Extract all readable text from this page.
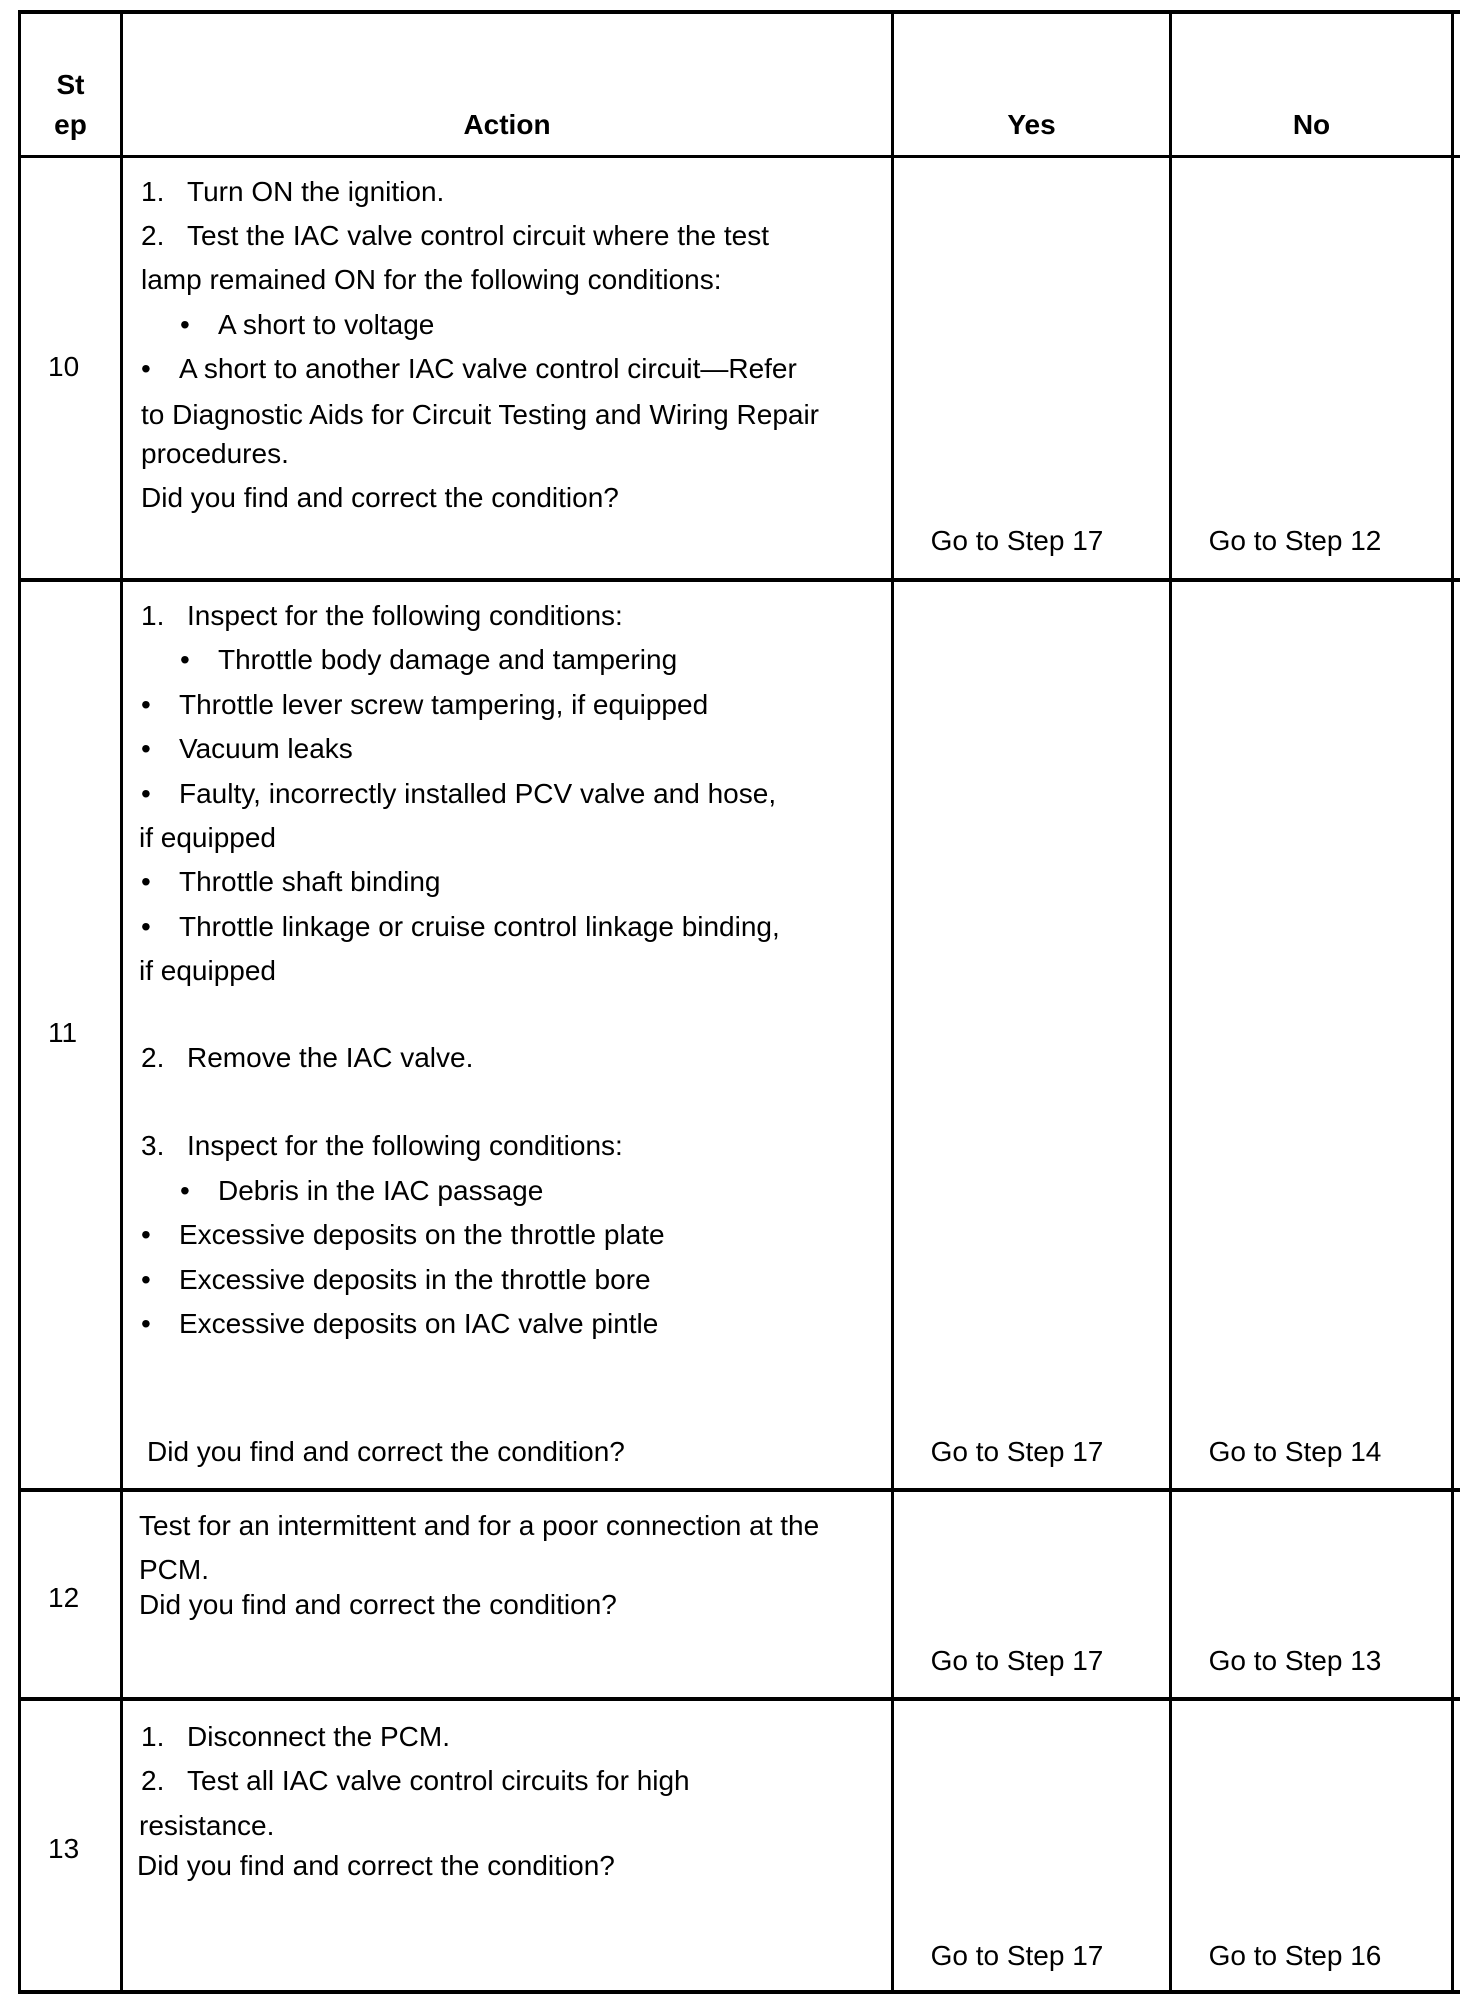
St
ep	Action	Yes	No
10
1. Turn ON the ignition.
2. Test the IAC valve control circuit where the test
lamp remained ON for the following conditions:
• A short to voltage
• A short to another IAC valve control circuit—Refer
to Diagnostic Aids for Circuit Testing and Wiring Repair
procedures.
Did you find and correct the condition?
Go to Step 17	Go to Step 12
11
1. Inspect for the following conditions:
• Throttle body damage and tampering
• Throttle lever screw tampering, if equipped
• Vacuum leaks
• Faulty, incorrectly installed PCV valve and hose,
if equipped
• Throttle shaft binding
• Throttle linkage or cruise control linkage binding,
if equipped
2. Remove the IAC valve.
3. Inspect for the following conditions:
• Debris in the IAC passage
• Excessive deposits on the throttle plate
• Excessive deposits in the throttle bore
• Excessive deposits on IAC valve pintle
Did you find and correct the condition?	Go to Step 17	Go to Step 14
12
Test for an intermittent and for a poor connection at the
PCM.
Did you find and correct the condition?
Go to Step 17	Go to Step 13
13
1. Disconnect the PCM.
2. Test all IAC valve control circuits for high
resistance.
Did you find and correct the condition?
Go to Step 17	Go to Step 16
